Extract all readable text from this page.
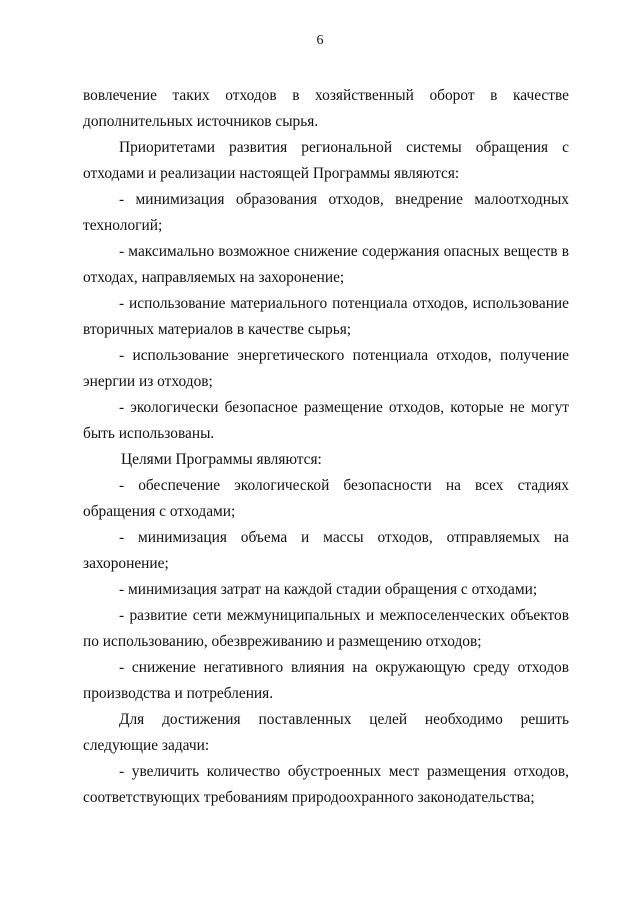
6

вовлечение таких отходов в хозяйственный оборот в качестве дополнительных источников сырья.

Приоритетами развития региональной системы обращения с отходами и реализации настоящей Программы являются:

- минимизация образования отходов, внедрение малоотходных технологий;

- максимально возможное снижение содержания опасных веществ в отходах, направляемых на захоронение;

- использование материального потенциала отходов, использование вторичных материалов в качестве сырья;

- использование энергетического потенциала отходов, получение энергии из отходов;

- экологически безопасное размещение отходов, которые не могут быть использованы.

Целями Программы являются:

- обеспечение экологической безопасности на всех стадиях обращения с отходами;

- минимизация объема и массы отходов, отправляемых на захоронение;

- минимизация затрат на каждой стадии обращения с отходами;

- развитие сети межмуниципальных и межпоселенческих объектов по использованию, обезвреживанию и размещению отходов;

- снижение негативного влияния на окружающую среду отходов производства и потребления.

Для достижения поставленных целей необходимо решить следующие задачи:

- увеличить количество обустроенных мест размещения отходов, соответствующих требованиям природоохранного законодательства;
